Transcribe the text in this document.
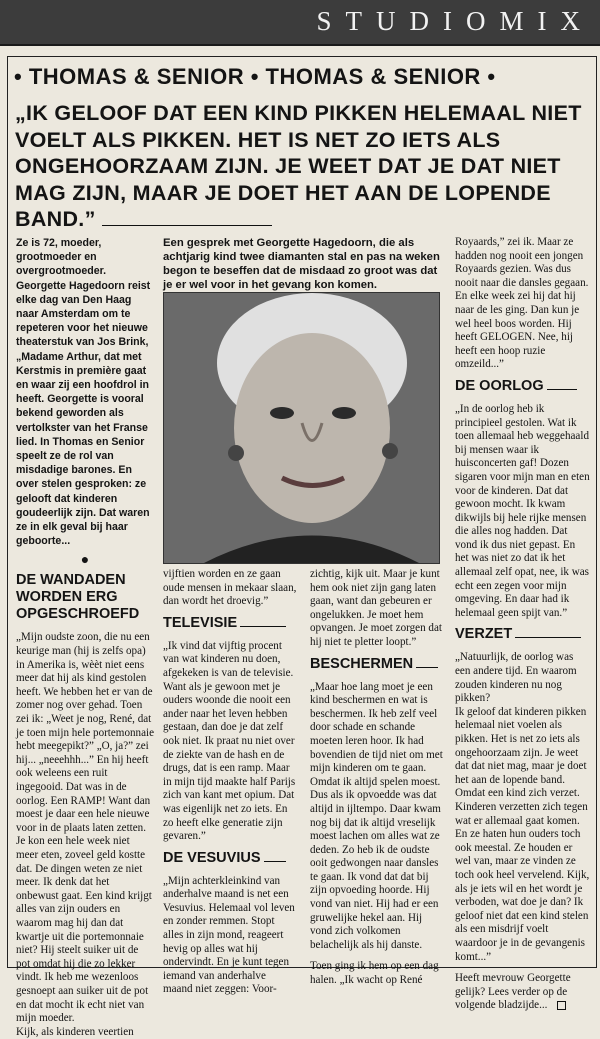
STUDIOMIX
• THOMAS & SENIOR • THOMAS & SENIOR •
„IK GELOOF DAT EEN KIND PIKKEN HELEMAAL NIET VOELT ALS PIKKEN. HET IS NET ZO IETS ALS ONGEHOORZAAM ZIJN. JE WEET DAT JE DAT NIET MAG ZIJN, MAAR JE DOET HET AAN DE LOPENDE BAND.”

Ze is 72, moeder, grootmoeder en overgrootmoeder. Georgette Hagedoorn reist elke dag van Den Haag naar Amsterdam om te repeteren voor het nieuwe theaterstuk van Jos Brink, „Madame Arthur, dat met Kerstmis in première gaat en waar zij een hoofdrol in heeft. Georgette is vooral bekend geworden als vertolkster van het Franse lied. In Thomas en Senior speelt ze de rol van misdadige barones. En over stelen gesproken: ze gelooft dat kinderen goudeerlijk zijn. Dat waren ze in elk geval bij haar geboorte...

●
DE WANDADEN WORDEN ERG OPGESCHROEFD

„Mijn oudste zoon, die nu een keurige man (hij is zelfs opa) in Amerika is, wèèt niet eens meer dat hij als kind gestolen heeft. We hebben het er van de zomer nog over gehad. Toen zei ik: „Weet je nog, René, dat je toen mijn hele portemonnaie hebt meegepikt?” „O, ja?” zei hij... „neeehhh...” En hij heeft ook weleens een ruit ingegooid. Dat was in de oorlog. Een RAMP! Want dan moest je daar een hele nieuwe voor in de plaats laten zetten. Je kon een hele week niet meer eten, zoveel geld kostte dat. De dingen weten ze niet meer. Ik denk dat het onbewust gaat. Een kind krijgt alles van zijn ouders en waarom mag hij dan dat kwartje uit die portemonnaie niet? Hij steelt suiker uit de pot omdat hij die zo lekker vindt. Ik heb me wezenloos gesnoept aan suiker uit de pot en dat mocht ik echt niet van mijn moeder.

Kijk, als kinderen veertien

Een gesprek met Georgette Hagedoorn, die als achtjarig kind twee diamanten stal en pas na weken begon te beseffen dat de misdaad zo groot was dat je er wel voor in het gevang kon komen.

vijftien worden en ze gaan oude mensen in mekaar slaan, dan wordt het droevig.”

TELEVISIE

„Ik vind dat vijftig procent van wat kinderen nu doen, afgekeken is van de televisie. Want als je gewoon met je ouders woonde die nooit een ander naar het leven hebben gestaan, dan doe je dat zelf ook niet. Ik praat nu niet over de ziekte van de hash en de drugs, dat is een ramp. Maar in mijn tijd maakte half Parijs zich van kant met opium. Dat was eigenlijk net zo iets. En zo heeft elke generatie zijn gevaren.”

DE VESUVIUS

„Mijn achterkleinkind van anderhalve maand is net een Vesuvius. Helemaal vol leven en zonder remmen. Stopt alles in zijn mond, reageert hevig op alles wat hij ondervindt. En je kunt tegen iemand van anderhalve maand niet zeggen: Voor-

zichtig, kijk uit. Maar je kunt hem ook niet zijn gang laten gaan, want dan gebeuren er ongelukken. Je moet hem opvangen. Je moet zorgen dat hij niet te pletter loopt.”

BESCHERMEN

„Maar hoe lang moet je een kind beschermen en wat is beschermen. Ik heb zelf veel door schade en schande moeten leren hoor. Ik had bovendien de tijd niet om met mijn kinderen om te gaan. Omdat ik altijd spelen moest. Dus als ik opvoedde was dat altijd in ijltempo. Daar kwam nog bij dat ik altijd vreselijk moest lachen om alles wat ze deden. Zo heb ik de oudste ooit gedwongen naar dansles te gaan. Ik vond dat dat bij zijn opvoeding hoorde. Hij vond van niet. Hij had er een gruwelijke hekel aan. Hij vond zich volkomen belachelijk als hij danste.

Toen ging ik hem op een dag halen. „Ik wacht op René

Royaards,” zei ik. Maar ze hadden nog nooit een jongen Royaards gezien. Was dus nooit naar die dansles gegaan. En elke week zei hij dat hij naar de les ging. Dan kun je wel heel boos worden. Hij heeft GELOGEN. Nee, hij heeft een hoop ruzie omzeild...”

DE OORLOG

„In de oorlog heb ik principieel gestolen. Wat ik toen allemaal heb weggehaald bij mensen waar ik huisconcerten gaf! Dozen sigaren voor mijn man en eten voor de kinderen. Dat dat gewoon mocht. Ik kwam dikwijls bij hele rijke mensen die alles nog hadden. Dat vond ik dus niet gepast. En het was niet zo dat ik het allemaal zelf opat, nee, ik was echt een zegen voor mijn omgeving. En daar had ik helemaal geen spijt van.”

VERZET

„Natuurlijk, de oorlog was een andere tijd. En waarom zouden kinderen nu nog pikken?

Ik geloof dat kinderen pikken helemaal niet voelen als pikken. Het is net zo iets als ongehoorzaam zijn. Je weet dat dat niet mag, maar je doet het aan de lopende band. Omdat een kind zich verzet. Kinderen verzetten zich tegen wat er allemaal gaat komen. En ze haten hun ouders toch ook meestal. Ze houden er wel van, maar ze vinden ze toch ook heel vervelend. Kijk, als je iets wil en het wordt je verboden, wat doe je dan? Ik geloof niet dat een kind stelen als een misdrijf voelt waardoor je in de gevangenis komt...”

Heeft mevrouw Georgette gelijk? Lees verder op de volgende bladzijde...
